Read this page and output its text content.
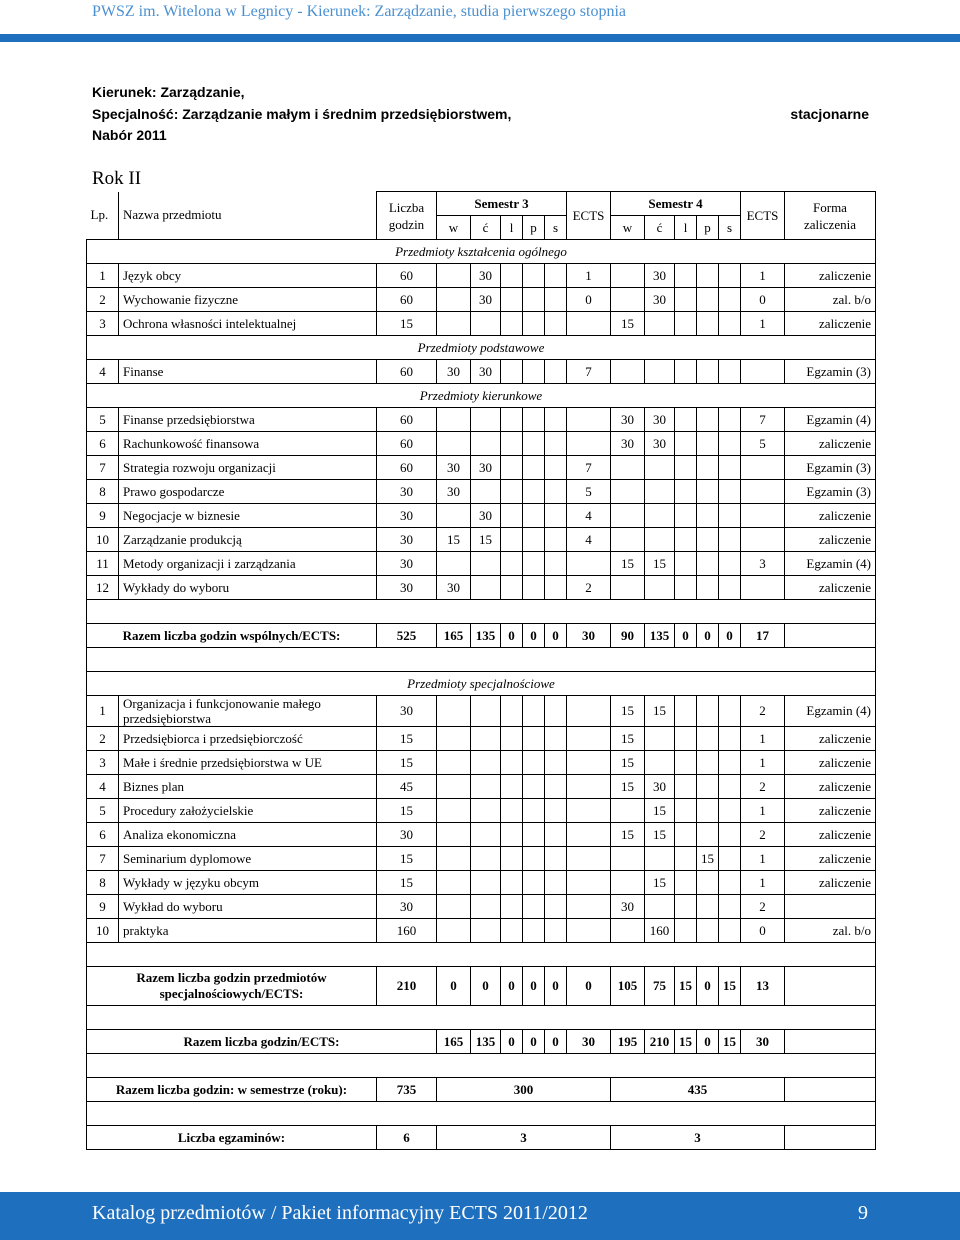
PWSZ im. Witelona w Legnicy - Kierunek: Zarządzanie, studia pierwszego stopnia
Kierunek: Zarządzanie,
Specjalność: Zarządzanie małym i średnim przedsiębiorstwem,
Nabór 2011
stacjonarne
Rok II
Lp.	Nazwa przedmiotu	Liczba godzin	Semestr 3					ECTS	Semestr 4					ECTS	Forma zaliczenia
			w	ć	l	p	s		w	ć	l	p	s		
Przedmioty kształcenia ogólnego															
1	Język obcy	60		30				1		30				1	zaliczenie
2	Wychowanie fizyczne	60		30				0		30				0	zal. b/o
3	Ochrona własności intelektualnej	15							15					1	zaliczenie
Przedmioty podstawowe															
4	Finanse	60	30	30				7							Egzamin (3)
Przedmioty kierunkowe															
5	Finanse przedsiębiorstwa	60							30	30				7	Egzamin (4)
6	Rachunkowość finansowa	60							30	30				5	zaliczenie
7	Strategia rozwoju organizacji	60	30	30				7							Egzamin (3)
8	Prawo gospodarcze	30	30					5							Egzamin (3)
9	Negocjacje w biznesie	30		30				4							zaliczenie
10	Zarządzanie produkcją	30	15	15				4							zaliczenie
11	Metody organizacji i zarządzania	30							15	15				3	Egzamin (4)
12	Wykłady do wyboru	30	30					2							zaliczenie

Razem liczba godzin wspólnych/ECTS:		525	165	135	0	0	0	30	90	135	0	0	0	17	

Przedmioty specjalnościowe															
1	Organizacja i funkcjonowanie małego przedsiębiorstwa	30							15	15				2	Egzamin (4)
2	Przedsiębiorca i przedsiębiorczość	15							15					1	zaliczenie
3	Małe i średnie przedsiębiorstwa w UE	15							15					1	zaliczenie
4	Biznes plan	45							15	30				2	zaliczenie
5	Procedury założycielskie	15								15				1	zaliczenie
6	Analiza ekonomiczna	30							15	15				2	zaliczenie
7	Seminarium dyplomowe	15										15		1	zaliczenie
8	Wykłady w języku obcym	15								15				1	zaliczenie
9	Wykład do wyboru	30							30					2	
10	praktyka	160								160				0	zal. b/o

Razem liczba godzin przedmiotów specjalnościowych/ECTS:		210	0	0	0	0	0	0	105	75	15	0	15	13	

Razem liczba godzin/ECTS:			165	135	0	0	0	30	195	210	15	0	15	30	

Razem liczba godzin: w semestrze (roku):		735	300						435						

Liczba egzaminów:		6	3						3						
Katalog przedmiotów / Pakiet informacyjny ECTS 2011/2012	9
